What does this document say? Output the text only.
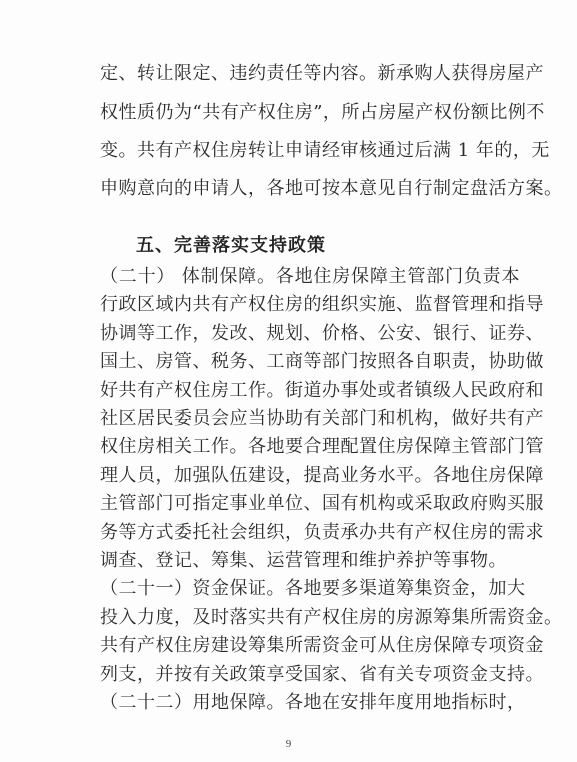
定、转让限定、违约责任等内容。新承购人获得房屋产
权性质仍为“共有产权住房”，所占房屋产权份额比例不
变。共有产权住房转让申请经审核通过后满 1 年的，无
申购意向的申请人，各地可按本意见自行制定盘活方案。
五、完善落实支持政策
（二十） 体制保障。各地住房保障主管部门负责本
行政区域内共有产权住房的组织实施、监督管理和指导
协调等工作，发改、规划、价格、公安、银行、证券、
国土、房管、税务、工商等部门按照各自职责，协助做
好共有产权住房工作。街道办事处或者镇级人民政府和
社区居民委员会应当协助有关部门和机构，做好共有产
权住房相关工作。各地要合理配置住房保障主管部门管
理人员，加强队伍建设，提高业务水平。各地住房保障
主管部门可指定事业单位、国有机构或采取政府购买服
务等方式委托社会组织，负责承办共有产权住房的需求
调查、登记、筹集、运营管理和维护养护等事物。
9
（二十一）资金保证。各地要多渠道筹集资金，加大
投入力度，及时落实共有产权住房的房源筹集所需资金。
共有产权住房建设筹集所需资金可从住房保障专项资金
列支，并按有关政策享受国家、省有关专项资金支持。
（二十二）用地保障。各地在安排年度用地指标时，
